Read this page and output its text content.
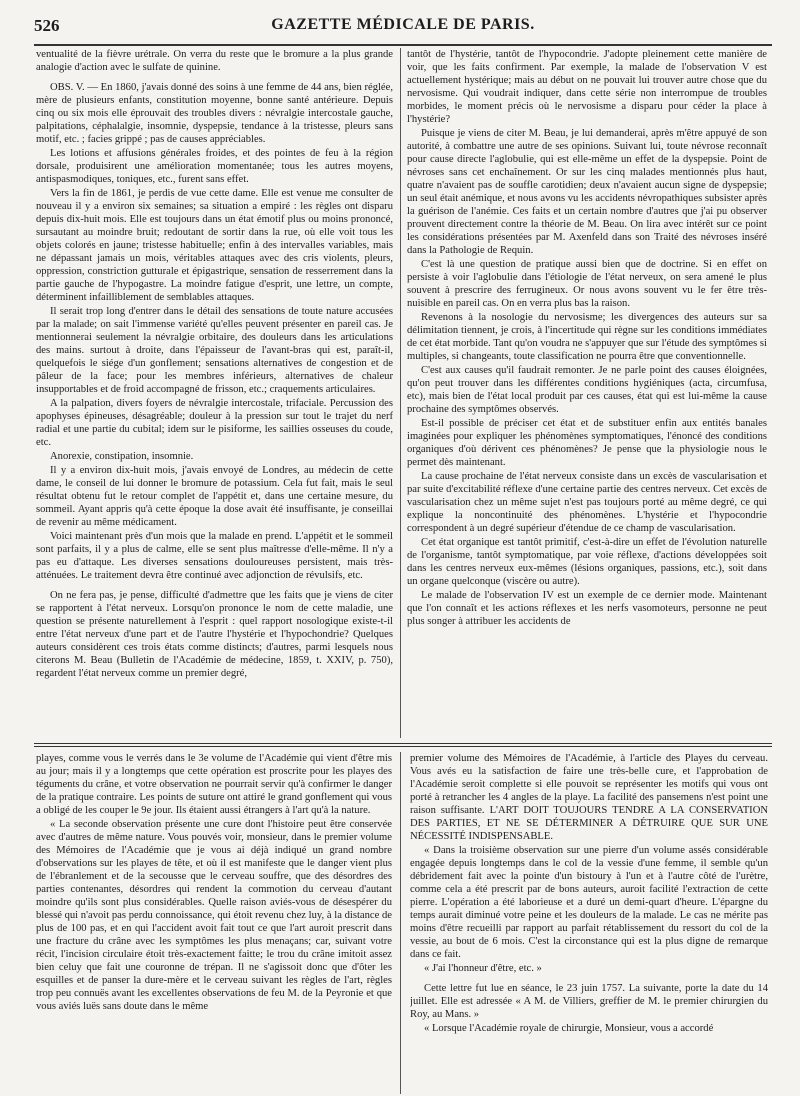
526	GAZETTE MÉDICALE DE PARIS.

ventualité de la fièvre urétrale. On verra du reste que le bromure a la plus grande analogie d'action avec le sulfate de quinine.

OBS. V. — En 1860, j'avais donné des soins à une femme de 44 ans, bien réglée, mère de plusieurs enfants, constitution moyenne, bonne santé antérieure. Depuis cinq ou six mois elle éprouvait des troubles divers : névralgie intercostale gauche, palpitations, céphalalgie, insomnie, dyspepsie, tendance à la tristesse, pleurs sans motif, etc. ; facies grippé ; pas de causes appréciables.

Les lotions et affusions générales froides, et des pointes de feu à la région dorsale, produisirent une amélioration momentanée; tous les autres moyens, antispasmodiques, toniques, etc., furent sans effet.

Vers la fin de 1861, je perdis de vue cette dame. Elle est venue me consulter de nouveau il y a environ six semaines; sa situation a empiré : les règles ont disparu depuis dix-huit mois. Elle est toujours dans un état émotif plus ou moins prononcé, sursautant au moindre bruit; redoutant de sortir dans la rue, où elle voit tous les objets colorés en jaune; tristesse habituelle; enfin à des intervalles variables, mais ne dépassant jamais un mois, véritables attaques avec des cris violents, pleurs, oppression, constriction gutturale et épigastrique, sensation de resserrement dans la partie gauche de l'hypogastre. La moindre fatigue d'esprit, une lettre, un compte, déterminent infailliblement de semblables attaques.

Il serait trop long d'entrer dans le détail des sensations de toute nature accusées par la malade; on sait l'immense variété qu'elles peuvent présenter en pareil cas. Je mentionnerai seulement la névralgie orbitaire, des douleurs dans les articulations des mains. surtout à droite, dans l'épaisseur de l'avant-bras qui est, paraît-il, quelquefois le siége d'un gonflement; sensations alternatives de congestion et de pâleur de la face; pour les membres inférieurs, alternatives de chaleur insupportables et de froid accompagné de frisson, etc.; craquements articulaires.

A la palpation, divers foyers de névralgie intercostale, trifaciale. Percussion des apophyses épineuses, désagréable; douleur à la pression sur tout le trajet du nerf radial et une partie du cubital; idem sur le pisiforme, les saillies osseuses du coude, etc.

Anorexie, constipation, insomnie.

Il y a environ dix-huit mois, j'avais envoyé de Londres, au médecin de cette dame, le conseil de lui donner le bromure de potassium. Cela fut fait, mais le seul résultat obtenu fut le retour complet de l'appétit et, dans une certaine mesure, du sommeil. Ayant appris qu'à cette époque la dose avait été insuffisante, je conseillai de revenir au même médicament.

Voici maintenant près d'un mois que la malade en prend. L'appétit et le sommeil sont parfaits, il y a plus de calme, elle se sent plus maîtresse d'elle-même. Il n'y a pas eu d'attaque. Les diverses sensations douloureuses persistent, mais très-atténuées. Le traitement devra être continué avec adjonction de révulsifs, etc.

On ne fera pas, je pense, difficulté d'admettre que les faits que je viens de citer se rapportent à l'état nerveux. Lorsqu'on prononce le nom de cette maladie, une question se présente naturellement à l'esprit : quel rapport nosologique existe-t-il entre l'état nerveux d'une part et de l'autre l'hystérie et l'hypochondrie? Quelques auteurs considèrent ces trois états comme distincts; d'autres, parmi lesquels nous citerons M. Beau (Bulletin de l'Académie de médecine, 1859, t. XXIV, p. 750), regardent l'état nerveux comme un premier degré,

tantôt de l'hystérie, tantôt de l'hypocondrie. J'adopte pleinement cette manière de voir, que les faits confirment. Par exemple, la malade de l'observation V est actuellement hystérique; mais au début on ne pouvait lui trouver autre chose que du nervosisme. Qui voudrait indiquer, dans cette série non interrompue de troubles morbides, le moment précis où le nervosisme a disparu pour céder la place à l'hystérie?

Puisque je viens de citer M. Beau, je lui demanderai, après m'être appuyé de son autorité, à combattre une autre de ses opinions. Suivant lui, toute névrose reconnaît pour cause directe l'aglobulie, qui est elle-même un effet de la dyspepsie. Point de névroses sans cet enchaînement. Or sur les cinq malades mentionnés plus haut, quatre n'avaient pas de souffle carotidien; deux n'avaient aucun signe de dyspepsie; un seul était anémique, et nous avons vu les accidents névropathiques subsister après la guérison de l'anémie. Ces faits et un certain nombre d'autres que j'ai pu observer prouvent directement contre la théorie de M. Beau. On lira avec intérêt sur ce point les considérations présentées par M. Axenfeld dans son Traité des névroses inséré dans la Pathologie de Requin.

C'est là une question de pratique aussi bien que de doctrine. Si en effet on persiste à voir l'aglobulie dans l'étiologie de l'état nerveux, on sera amené le plus souvent à prescrire des ferrugineux. Or nous avons souvent vu le fer être très-nuisible en pareil cas. On en verra plus bas la raison.

Revenons à la nosologie du nervosisme; les divergences des auteurs sur sa délimitation tiennent, je crois, à l'incertitude qui règne sur les conditions immédiates de cet état morbide. Tant qu'on voudra ne s'appuyer que sur l'étude des symptômes si multiples, si changeants, toute classification ne pourra être que conventionnelle.

C'est aux causes qu'il faudrait remonter. Je ne parle point des causes éloignées, qu'on peut trouver dans les différentes conditions hygiéniques (acta, circumfusa, etc), mais bien de l'état local produit par ces causes, état qui est lui-même la cause prochaine des symptômes observés.

Est-il possible de préciser cet état et de substituer enfin aux entités banales imaginées pour expliquer les phénomènes symptomatiques, l'énoncé des conditions organiques d'où dérivent ces phénomènes? Je pense que la physiologie nous le permet dès maintenant.

La cause prochaine de l'état nerveux consiste dans un excès de vascularisation et par suite d'excitabilité réflexe d'une certaine partie des centres nerveux. Cet excès de vascularisation chez un même sujet n'est pas toujours porté au même degré, ce qui explique la noncontinuité des phénomènes. L'hystérie et l'hypocondrie correspondent à un degré supérieur d'étendue de ce champ de vascularisation.

Cet état organique est tantôt primitif, c'est-à-dire un effet de l'évolution naturelle de l'organisme, tantôt symptomatique, par voie réflexe, d'actions développées soit dans les centres nerveux eux-mêmes (lésions organiques, passions, etc.), soit dans un organe quelconque (viscère ou autre).

Le malade de l'observation IV est un exemple de ce dernier mode. Maintenant que l'on connaît et les actions réflexes et les nerfs vasomoteurs, personne ne peut plus songer à attribuer les accidents de

playes, comme vous le verrés dans le 3e volume de l'Académie qui vient d'être mis au jour; mais il y a longtemps que cette opération est proscrite pour les playes des téguments du crâne, et votre observation ne pourrait servir qu'à confirmer le danger de la pratique contraire. Les points de suture ont attiré le grand gonflement qui vous a obligé de les couper le 9e jour. Ils étaient aussi étrangers à l'art qu'à la nature.

« La seconde observation présente une cure dont l'histoire peut être conservée avec d'autres de même nature. Vous pouvés voir, monsieur, dans le premier volume des Mémoires de l'Académie que je vous ai déjà indiqué un grand nombre d'observations sur les playes de tête, et où il est manifeste que le danger vient plus de l'ébranlement et de la secousse que le cerveau souffre, que des désordres des parties contenantes, désordres qui rendent la commotion du cerveau d'autant moindre qu'ils sont plus considérables. Quelle raison aviés-vous de désespérer du blessé qui n'avoit pas perdu connoissance, qui étoit revenu chez luy, à la distance de plus de 100 pas, et en qui l'accident avoit fait tout ce que l'art auroit prescrit dans une fracture du crâne avec les symptômes les plus menaçans; car, suivant votre récit, l'incision circulaire étoit très-exactement faitte; le trou du crâne imitoit assez bien celuy que fait une couronne de trépan. Il ne s'agissoit donc que d'ôter les esquilles et de panser la dure-mère et le cerveau suivant les règles de l'art, règles trop peu connuës avant les excellentes observations de feu M. de la Peyronie et que vous aviés luës sans doute dans le même

premier volume des Mémoires de l'Académie, à l'article des Playes du cerveau. Vous avés eu la satisfaction de faire une très-belle cure, et l'approbation de l'Académie seroit complette si elle pouvoit se représenter les motifs qui vous ont porté à retrancher les 4 angles de la playe. La facilité des pansemens n'est point une raison suffisante. L'ART DOIT TOUJOURS TENDRE A LA CONSERVATION DES PARTIES, ET NE SE DÉTERMINER A DÉTRUIRE QUE SUR UNE NÉCESSITÉ INDISPENSABLE.

« Dans la troisième observation sur une pierre d'un volume assés considérable engagée depuis longtemps dans le col de la vessie d'une femme, il semble qu'un débridement fait avec la pointe d'un bistoury à l'un et à l'autre côté de l'urètre, comme cela a été prescrit par de bons auteurs, auroit facilité l'extraction de cette pierre. L'opération a été laborieuse et a duré un demi-quart d'heure. L'épargne du temps aurait diminué votre peine et les douleurs de la malade. Le cas ne mérite pas moins d'être recueilli par rapport au parfait rétablissement du ressort du col de la vessie, au bout de 6 mois. C'est la circonstance qui est la plus digne de remarque dans ce fait.

« J'ai l'honneur d'être, etc. »

Cette lettre fut lue en séance, le 23 juin 1757. La suivante, porte la date du 14 juillet. Elle est adressée « A M. de Villiers, greffier de M. le premier chirurgien du Roy, au Mans. »

« Lorsque l'Académie royale de chirurgie, Monsieur, vous a accordé
